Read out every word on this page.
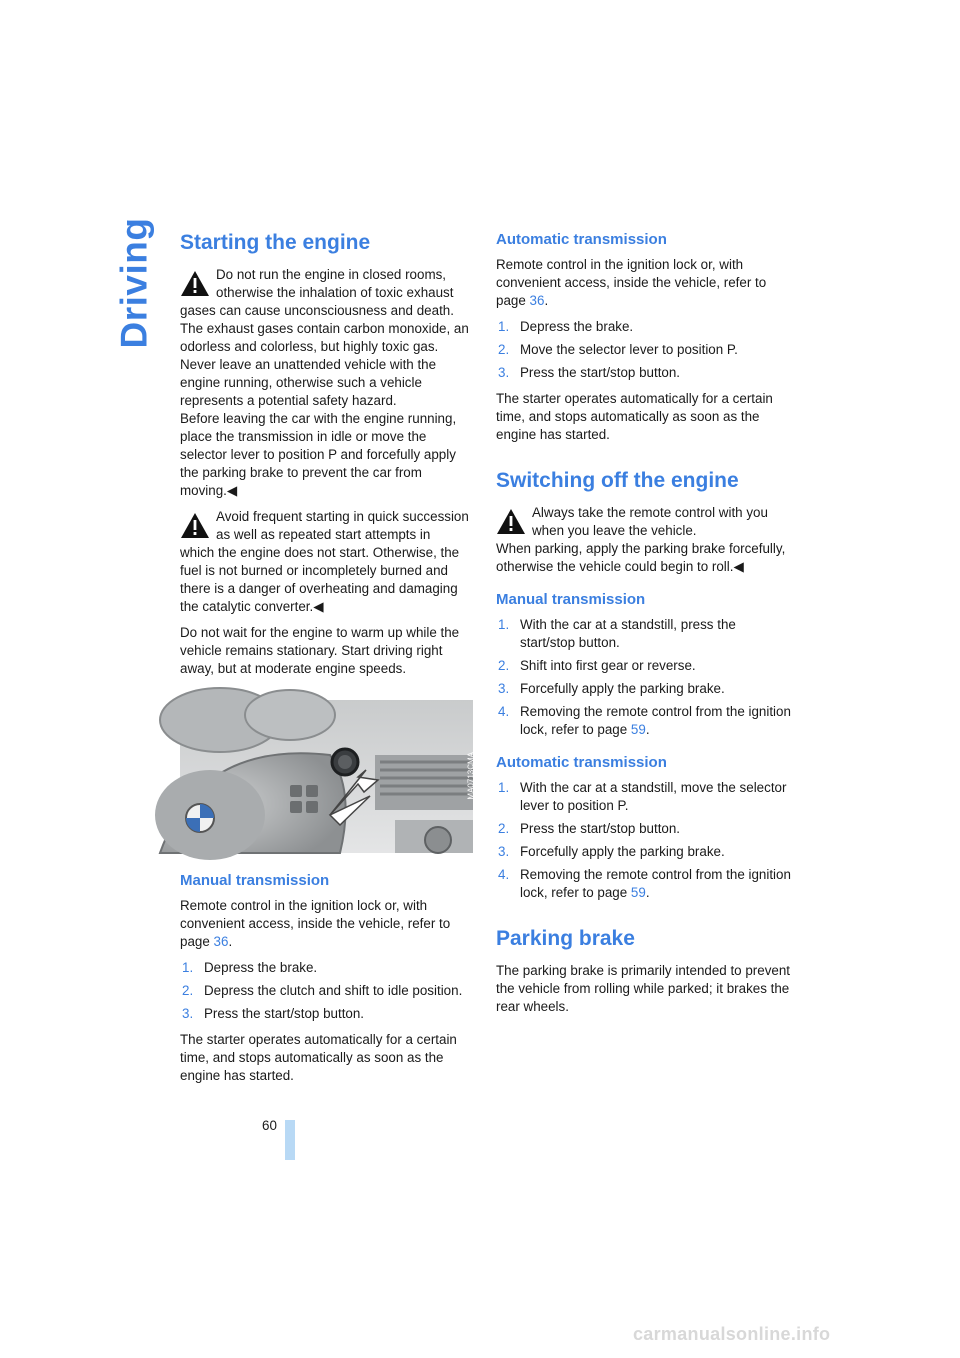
Driving Starting the engine

Do not run the engine in closed rooms, otherwise the inhalation of toxic exhaust

gases can cause unconsciousness and death. The exhaust gases contain carbon monoxide, an odorless and colorless, but highly toxic gas. Never leave an unattended vehicle with the engine running, otherwise such a vehicle represents a potential safety hazard.

Before leaving the car with the engine running, place the transmission in idle or move the selector lever to position P and forcefully apply the parking brake to prevent the car from moving.◀

Avoid frequent starting in quick succession as well as repeated start attempts in

which the engine does not start. Otherwise, the fuel is not burned or incompletely burned and there is a danger of overheating and damaging the catalytic converter.◀

Do not wait for the engine to warm up while the vehicle remains stationary. Start driving right away, but at moderate engine speeds.

MA0713CMA
Manual transmission

Remote control in the ignition lock or, with convenient access, inside the vehicle, refer to page 36.

1. Depress the brake.
2. Depress the clutch and shift to idle position.
3. Press the start/stop button.

The starter operates automatically for a certain time, and stops automatically as soon as the engine has started.

Automatic transmission

Remote control in the ignition lock or, with convenient access, inside the vehicle, refer to page 36.

1. Depress the brake.
2. Move the selector lever to position P.
3. Press the start/stop button.

The starter operates automatically for a certain time, and stops automatically as soon as the engine has started.

Switching off the engine

Always take the remote control with you when you leave the vehicle.

When parking, apply the parking brake forcefully, otherwise the vehicle could begin to roll.◀

Manual transmission
1. With the car at a standstill, press the start/stop button.
2. Shift into first gear or reverse.
3. Forcefully apply the parking brake.
4. Removing the remote control from the ignition lock, refer to page 59.
Automatic transmission
1. With the car at a standstill, move the selector lever to position P.
2. Press the start/stop button.
3. Forcefully apply the parking brake.
4. Removing the remote control from the ignition lock, refer to page 59.
Parking brake

The parking brake is primarily intended to prevent the vehicle from rolling while parked; it brakes the rear wheels.

60
carmanualsonline.info
